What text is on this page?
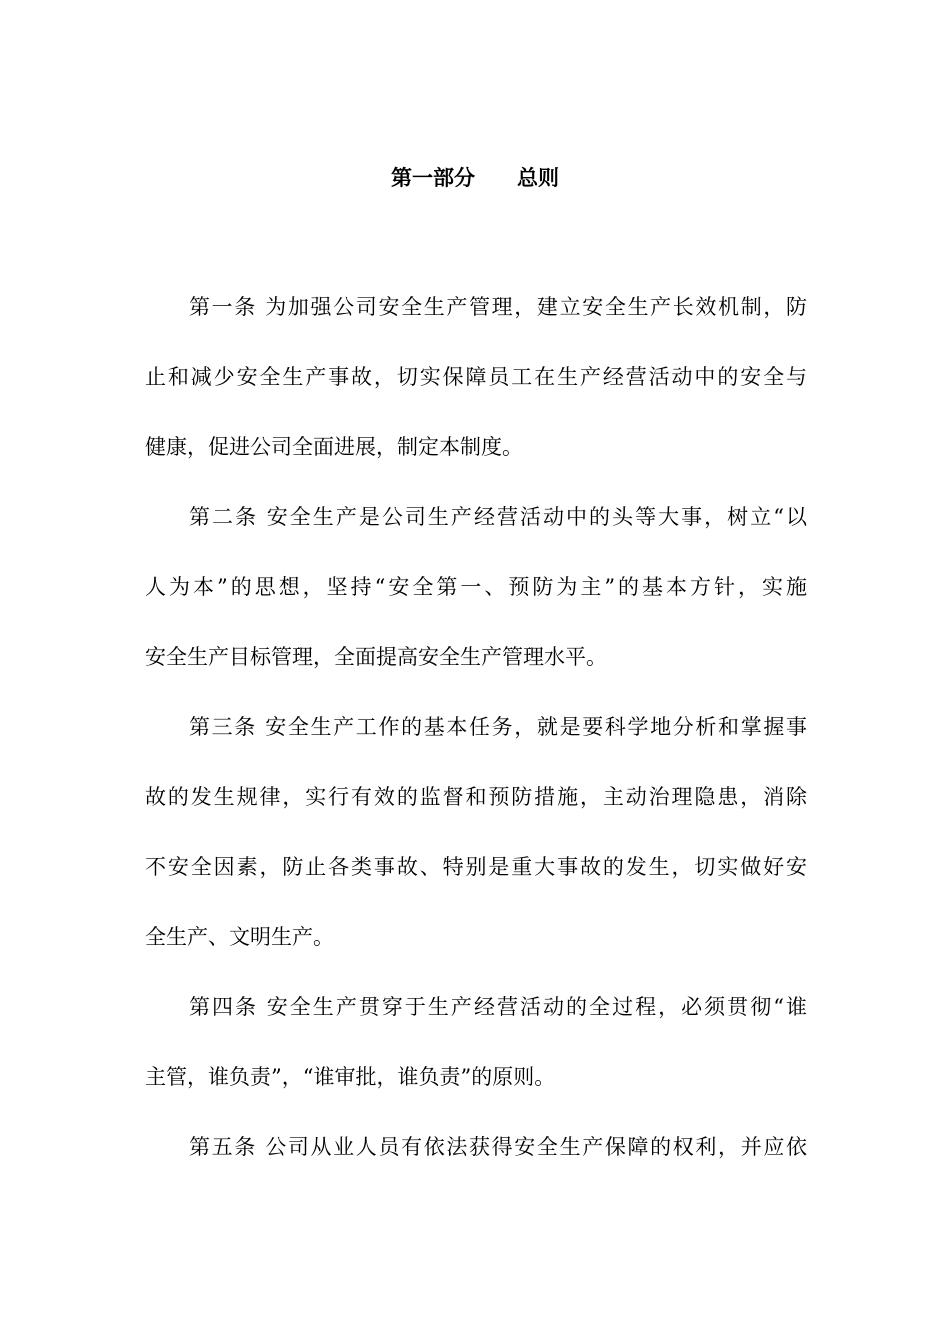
第一部分　　总则
第一条 为加强公司安全生产管理，建立安全生产长效机制，防
止和减少安全生产事故，切实保障员工在生产经营活动中的安全与
健康，促进公司全面进展，制定本制度。
第二条 安全生产是公司生产经营活动中的头等大事，树立“以
人为本”的思想，坚持“安全第一、预防为主”的基本方针，实施
安全生产目标管理，全面提高安全生产管理水平。
第三条 安全生产工作的基本任务，就是要科学地分析和掌握事
故的发生规律，实行有效的监督和预防措施，主动治理隐患，消除
不安全因素，防止各类事故、特别是重大事故的发生，切实做好安
全生产、文明生产。
第四条 安全生产贯穿于生产经营活动的全过程，必须贯彻“谁
主管，谁负责”，“谁审批，谁负责”的原则。
第五条 公司从业人员有依法获得安全生产保障的权利，并应依
